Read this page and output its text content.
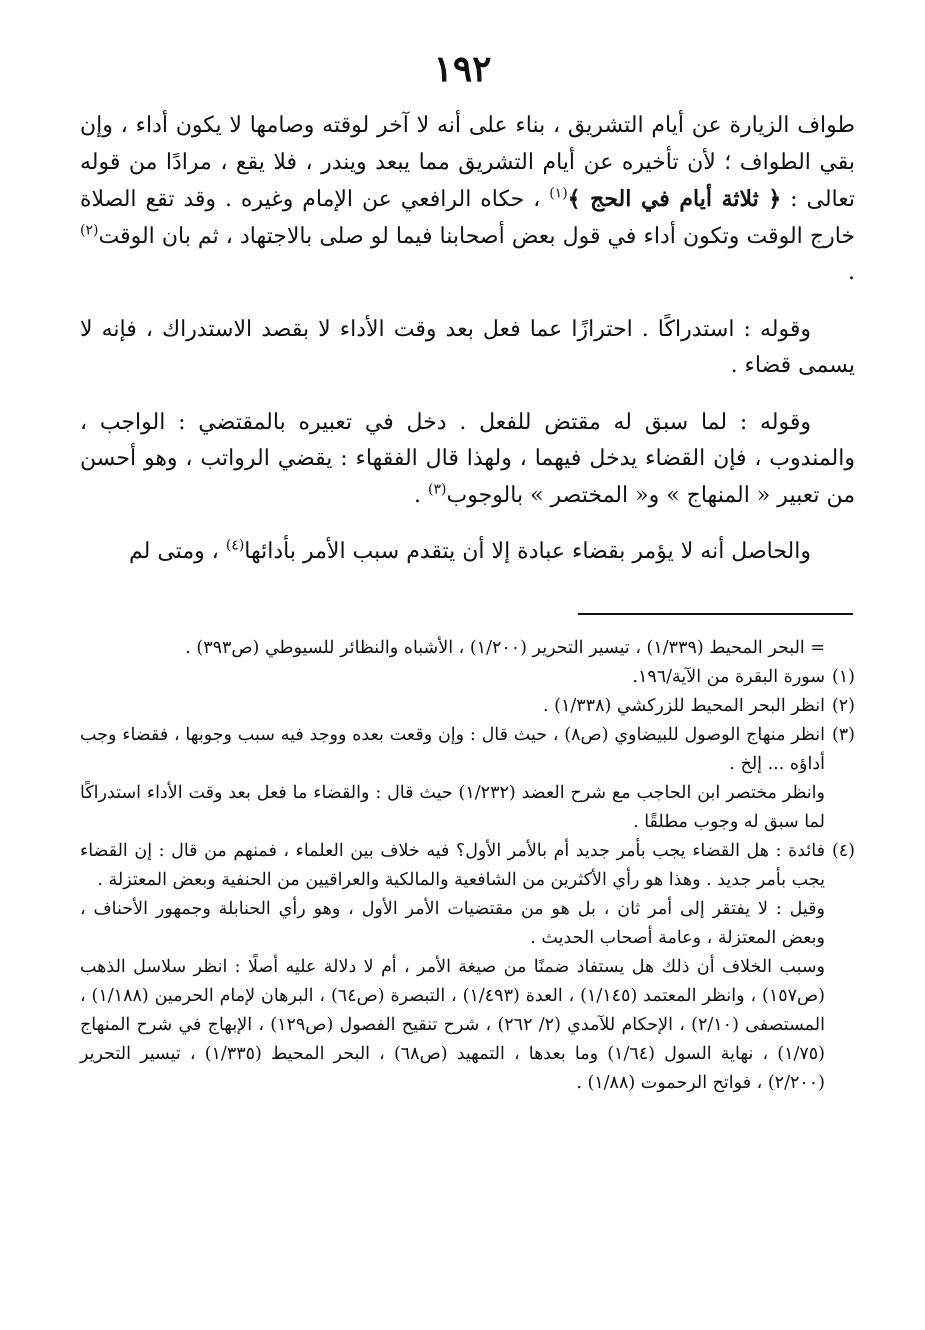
١٩٢

طواف الزيارة عن أيام التشريق ، بناء على أنه لا آخر لوقته وصامها لا يكون أداء ، وإن بقي الطواف ؛ لأن تأخيره عن أيام التشريق مما يبعد ويندر ، فلا يقع ، مرادًا من قوله تعالى : ﴿ ثلاثة أيام في الحج ﴾$^{(١)}$ ، حكاه الرافعي عن الإمام وغيره . وقد تقع الصلاة خارج الوقت وتكون أداء في قول بعض أصحابنا فيما لو صلى بالاجتهاد ، ثم بان الوقت$^{(٢)}$ .

وقوله : استدراكًا . احترازًا عما فعل بعد وقت الأداء لا بقصد الاستدراك ، فإنه لا يسمى قضاء .

وقوله : لما سبق له مقتض للفعل . دخل في تعبيره بالمقتضي : الواجب ، والمندوب ، فإن القضاء يدخل فيهما ، ولهذا قال الفقهاء : يقضي الرواتب ، وهو أحسن من تعبير « المنهاج » و« المختصر » بالوجوب$^{(٣)}$ .

والحاصل أنه لا يؤمر بقضاء عبادة إلا أن يتقدم سبب الأمر بأدائها$^{(٤)}$ ، ومتى لم

= البحر المحيط (١/٣٣٩) ، تيسير التحرير (١/٢٠٠) ، الأشباه والنظائر للسيوطي (ص٣٩٣) .

(١)
سورة البقرة من الآية/١٩٦.

(٢)
انظر البحر المحيط للزركشي (١/٣٣٨) .

(٣)
انظر منهاج الوصول للبيضاوي (ص٨) ، حيث قال : وإن وقعت بعده ووجد فيه سبب وجوبها ، فقضاء وجب أداؤه ... إلخ .
وانظر مختصر ابن الحاجب مع شرح العضد (١/٢٣٢) حيث قال : والقضاء ما فعل بعد وقت الأداء استدراكًا لما سبق له وجوب مطلقًا .

(٤)
فائدة : هل القضاء يجب بأمر جديد أم بالأمر الأول؟ فيه خلاف بين العلماء ، فمنهم من قال : إن القضاء يجب بأمر جديد . وهذا هو رأي الأكثرين من الشافعية والمالكية والعراقيين من الحنفية وبعض المعتزلة .
وقيل : لا يفتقر إلى أمر ثان ، بل هو من مقتضيات الأمر الأول ، وهو رأي الحنابلة وجمهور الأحناف ، وبعض المعتزلة ، وعامة أصحاب الحديث .
وسبب الخلاف أن ذلك هل يستفاد ضمنًا من صيغة الأمر ، أم لا دلالة عليه أصلًا : انظر سلاسل الذهب (ص١٥٧) ، وانظر المعتمد (١/١٤٥) ، العدة (١/٤٩٣) ، التبصرة (ص٦٤) ، البرهان لإمام الحرمين (١/١٨٨) ، المستصفى (٢/١٠) ، الإحكام للآمدي (٢/ ٢٦٢) ، شرح تنقيح الفصول (ص١٢٩) ، الإبهاج في شرح المنهاج (١/٧٥) ، نهاية السول (١/٦٤) وما بعدها ، التمهيد (ص٦٨) ، البحر المحيط (١/٣٣٥) ، تيسير التحرير (٢/٢٠٠) ، فواتح الرحموت (١/٨٨) .
